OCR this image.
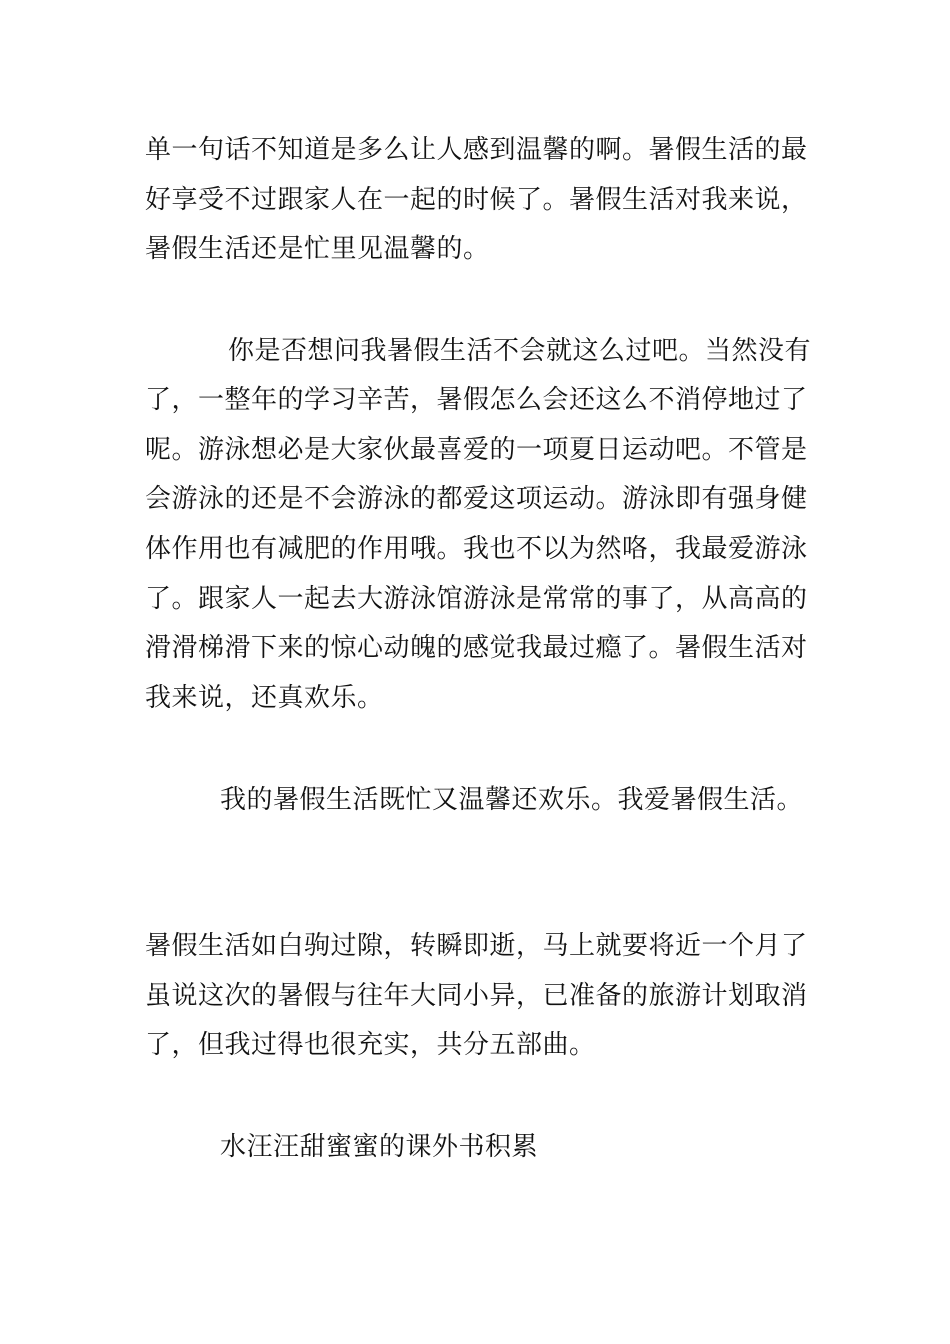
单一句话不知道是多么让人感到温馨的啊。暑假生活的最
好享受不过跟家人在一起的时候了。暑假生活对我来说，
暑假生活还是忙里见温馨的。
你是否想问我暑假生活不会就这么过吧。当然没有
了，一整年的学习辛苦，暑假怎么会还这么不消停地过了
呢。游泳想必是大家伙最喜爱的一项夏日运动吧。不管是
会游泳的还是不会游泳的都爱这项运动。游泳即有强身健
体作用也有减肥的作用哦。我也不以为然咯，我最爱游泳
了。跟家人一起去大游泳馆游泳是常常的事了，从高高的
滑滑梯滑下来的惊心动魄的感觉我最过瘾了。暑假生活对
我来说，还真欢乐。
我的暑假生活既忙又温馨还欢乐。我爱暑假生活。
暑假生活如白驹过隙，转瞬即逝，马上就要将近一个月了
虽说这次的暑假与往年大同小异，已准备的旅游计划取消
了，但我过得也很充实，共分五部曲。
水汪汪甜蜜蜜的课外书积累
